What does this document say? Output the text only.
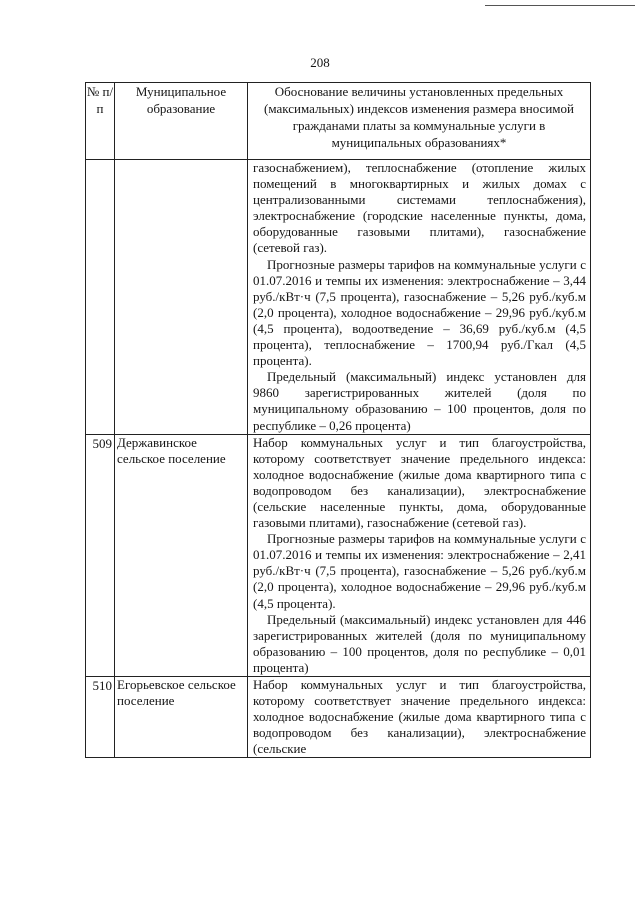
208
№ п/п	Муниципальное образование	Обоснование величины установленных предельных (максимальных) индексов изменения размера вносимой гражданами платы за коммунальные услуги в муниципальных образованиях*

		газоснабжением), теплоснабжение (отопление жилых помещений в многоквартирных и жилых домах с централизованными системами теплоснабжения), электроснабжение (городские населенные пункты, дома, оборудованные газовыми плитами), газоснабжение (сетевой газ).

Прогнозные размеры тарифов на коммунальные услуги с 01.07.2016 и темпы их изменения: электроснабжение – 3,44 руб./кВт·ч (7,5 процента), газоснабжение – 5,26 руб./куб.м (2,0 процента), холодное водоснабжение – 29,96 руб./куб.м (4,5 процента), водоотведение – 36,69 руб./куб.м (4,5 процента), теплоснабжение – 1700,94 руб./Гкал (4,5 процента).

Предельный (максимальный) индекс установлен для 9860 зарегистрированных жителей (доля по муниципальному образованию – 100 процентов, доля по республике – 0,26 процента)

509	Державинское сельское поселение	Набор коммунальных услуг и тип благоустройства, которому соответствует значение предельного индекса: холодное водоснабжение (жилые дома квартирного типа с водопроводом без канализации), электроснабжение (сельские населенные пункты, дома, оборудованные газовыми плитами), газоснабжение (сетевой газ).

Прогнозные размеры тарифов на коммунальные услуги с 01.07.2016 и темпы их изменения: электроснабжение – 2,41 руб./кВт·ч (7,5 процента), газоснабжение – 5,26 руб./куб.м (2,0 процента), холодное водоснабжение – 29,96 руб./куб.м (4,5 процента).

Предельный (максимальный) индекс установлен для 446 зарегистрированных жителей (доля по муниципальному образованию – 100 процентов, доля по республике – 0,01 процента)

510	Егорьевское сельское поселение	Набор коммунальных услуг и тип благоустройства, которому соответствует значение предельного индекса: холодное водоснабжение (жилые дома квартирного типа с водопроводом без канализации), электроснабжение (сельские
